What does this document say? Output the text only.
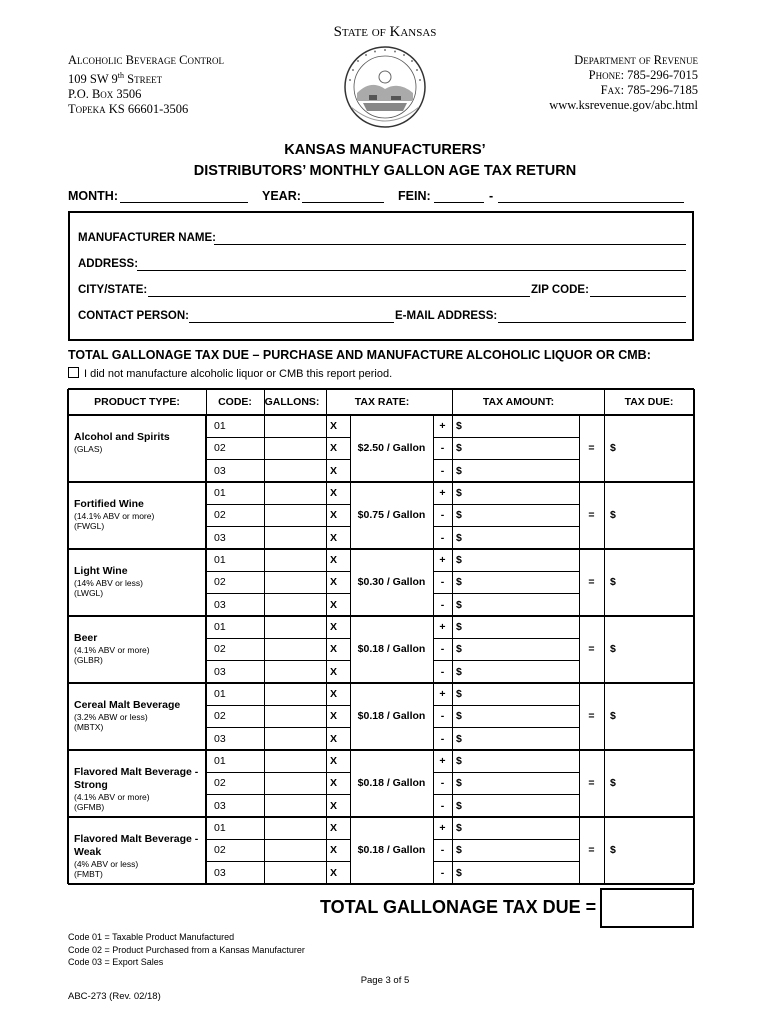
State of Kansas
Alcoholic Beverage Control
109 SW 9th Street
P.O. Box 3506
Topeka KS 66601-3506
Department of Revenue
Phone: 785-296-7015
Fax: 785-296-7185
www.ksrevenue.gov/abc.html
KANSAS MANUFACTURERS’
DISTRIBUTORS’ MONTHLY GALLON AGE TAX RETURN
MONTH:	YEAR:	FEIN:	-
MANUFACTURER NAME:
ADDRESS:
CITY/STATE:	ZIP CODE:
CONTACT PERSON:	E-MAIL ADDRESS:
TOTAL GALLONAGE TAX DUE – PURCHASE AND MANUFACTURE ALCOHOLIC LIQUOR OR CMB:
I did not manufacture alcoholic liquor or CMB this report period.
PRODUCT TYPE:	CODE:	GALLONS:	TAX RATE:	TAX AMOUNT:	TAX DUE:
Alcohol and Spirits
(GLAS)
01	X	+ $
02	X	-	$
03	X	-	$
$2.50 / Gallon	=	$
Fortified Wine
(14.1% ABV or more)
(FWGL)
01	X	+ $
02	X	-	$
03	X	-	$
$0.75 / Gallon	=	$
Light Wine
(14% ABV or less)
(LWGL)
01	X	+ $
02	X	-	$
03	X	-	$
$0.30 / Gallon	=	$
Beer
(4.1% ABV or more)
(GLBR)
01	X	+ $
02	X	-	$
03	X	-	$
$0.18 / Gallon	=	$
Cereal Malt Beverage
(3.2% ABW or less)
(MBTX)
01	X	+ $
02	X	-	$
03	X	-	$
$0.18 / Gallon	=	$
Flavored Malt Beverage - Strong
(4.1% ABV or more)
(GFMB)
01	X	+ $
02	X	-	$
03	X	-	$
$0.18 / Gallon	=	$
Flavored Malt Beverage - Weak
(4% ABV or less)
(FMBT)
01	X	+ $
02	X	-	$
03	X	-	$
$0.18 / Gallon	=	$
TOTAL GALLONAGE TAX DUE =
Code 01 = Taxable Product Manufactured
Code 02 = Product Purchased from a Kansas Manufacturer
Code 03 = Export Sales
Page 3 of 5
ABC-273 (Rev. 02/18)
